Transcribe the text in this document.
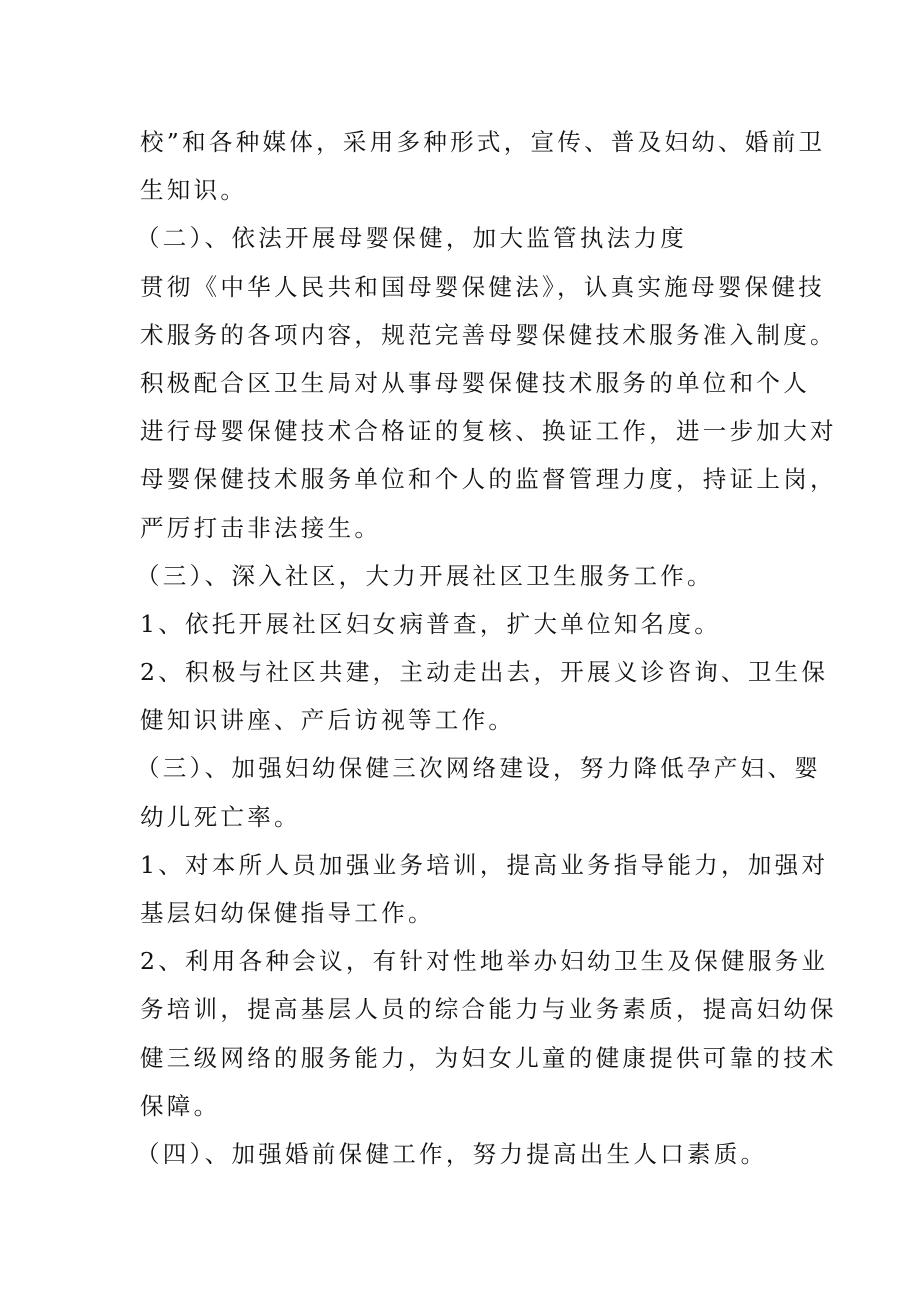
校”和各种媒体，采用多种形式，宣传、普及妇幼、婚前卫
生知识。
（二）、依法开展母婴保健，加大监管执法力度
贯彻《中华人民共和国母婴保健法》，认真实施母婴保健技
术服务的各项内容，规范完善母婴保健技术服务准入制度。
积极配合区卫生局对从事母婴保健技术服务的单位和个人
进行母婴保健技术合格证的复核、换证工作，进一步加大对
母婴保健技术服务单位和个人的监督管理力度，持证上岗，
严厉打击非法接生。
（三）、深入社区，大力开展社区卫生服务工作。
1、依托开展社区妇女病普查，扩大单位知名度。
2、积极与社区共建，主动走出去，开展义诊咨询、卫生保
健知识讲座、产后访视等工作。
（三）、加强妇幼保健三次网络建设，努力降低孕产妇、婴
幼儿死亡率。
1、对本所人员加强业务培训，提高业务指导能力，加强对
基层妇幼保健指导工作。
2、利用各种会议，有针对性地举办妇幼卫生及保健服务业
务培训，提高基层人员的综合能力与业务素质，提高妇幼保
健三级网络的服务能力，为妇女儿童的健康提供可靠的技术
保障。
（四）、加强婚前保健工作，努力提高出生人口素质。
